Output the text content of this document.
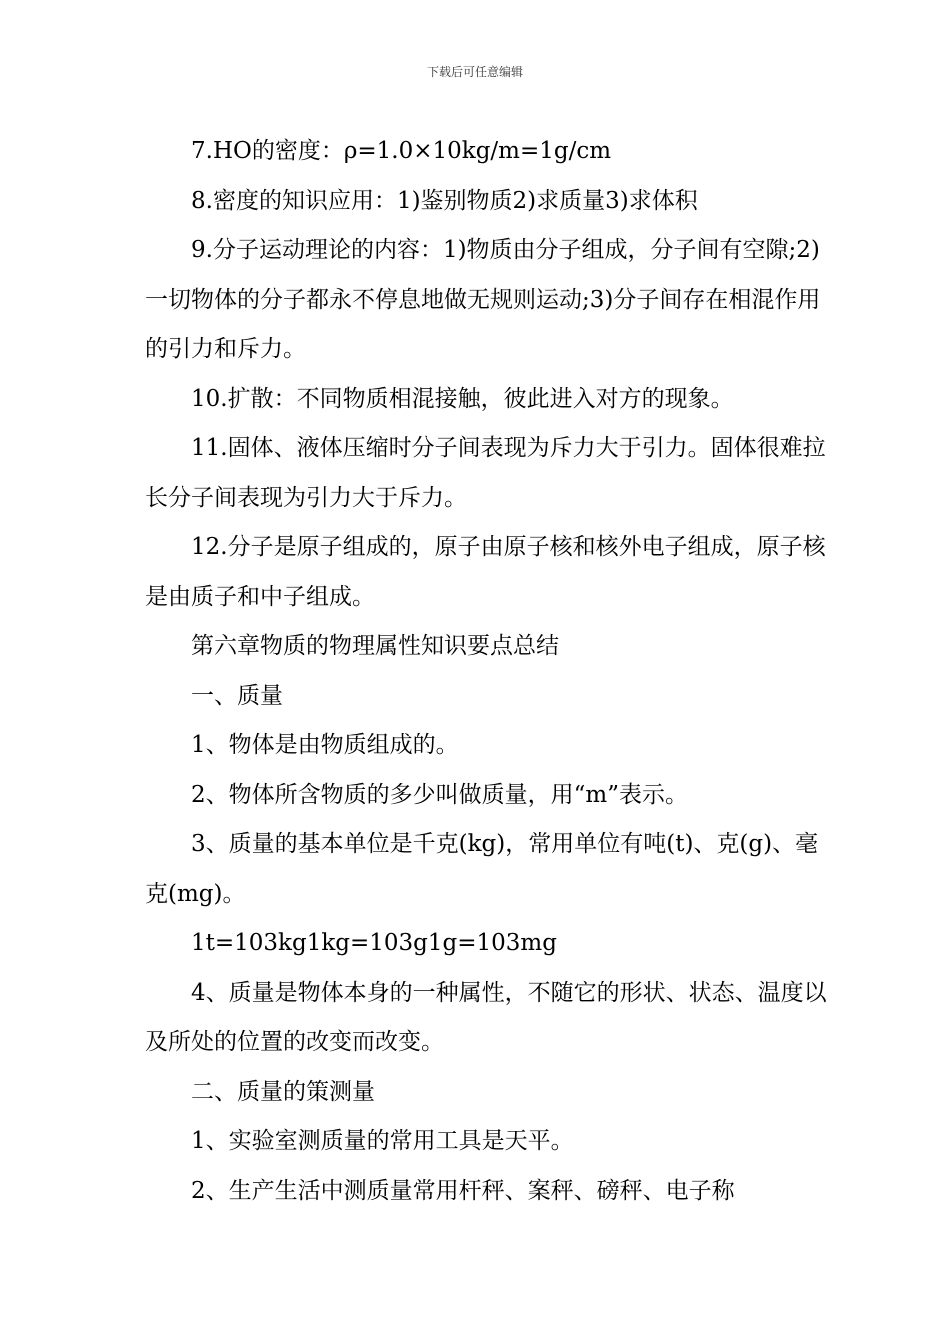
下载后可任意编辑

7.HO的密度：ρ=1.0×10kg/m=1g/cm

8.密度的知识应用：1)鉴别物质2)求质量3)求体积

9.分子运动理论的内容：1)物质由分子组成，分子间有空隙;2)一切物体的分子都永不停息地做无规则运动;3)分子间存在相混作用的引力和斥力。

10.扩散：不同物质相混接触，彼此进入对方的现象。

11.固体、液体压缩时分子间表现为斥力大于引力。固体很难拉长分子间表现为引力大于斥力。

12.分子是原子组成的，原子由原子核和核外电子组成，原子核是由质子和中子组成。

第六章物质的物理属性知识要点总结

一、质量

1、物体是由物质组成的。

2、物体所含物质的多少叫做质量，用“m”表示。

3、质量的基本单位是千克(kg)，常用单位有吨(t)、克(g)、毫克(mg)。

1t=103kg1kg=103g1g=103mg

4、质量是物体本身的一种属性，不随它的形状、状态、温度以及所处的位置的改变而改变。

二、质量的策测量

1、实验室测质量的常用工具是天平。

2、生产生活中测质量常用杆秤、案秤、磅秤、电子称
